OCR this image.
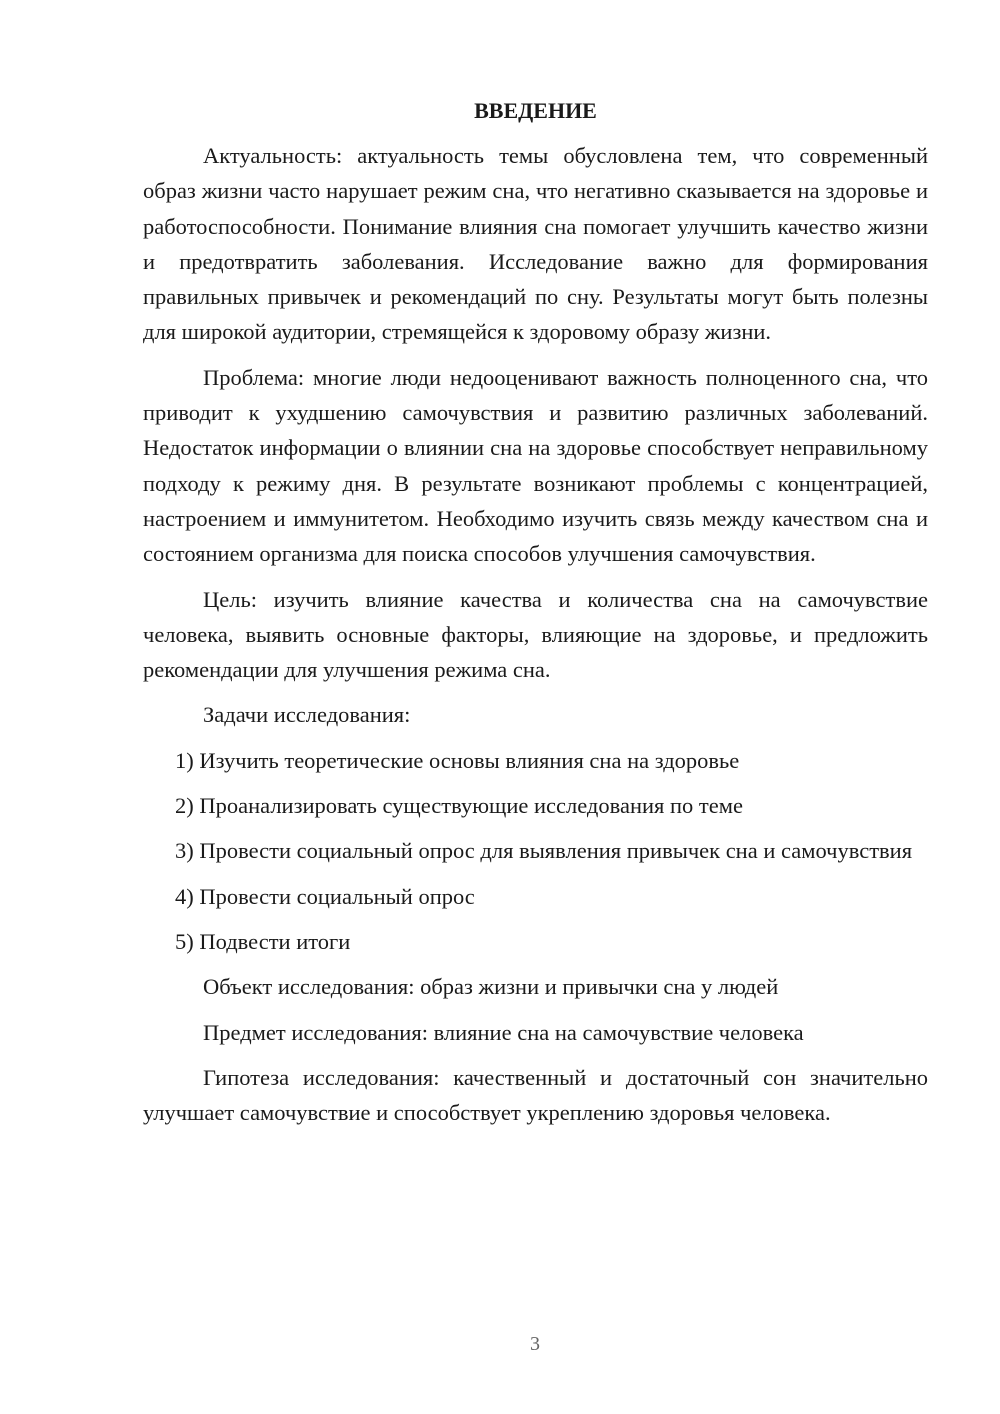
ВВЕДЕНИЕ

Актуальность: актуальность темы обусловлена тем, что современный образ жизни часто нарушает режим сна, что негативно сказывается на здоровье и работоспособности. Понимание влияния сна помогает улучшить качество жизни и предотвратить заболевания. Исследование важно для формирования правильных привычек и рекомендаций по сну. Результаты могут быть полезны для широкой аудитории, стремящейся к здоровому образу жизни.

Проблема: многие люди недооценивают важность полноценного сна, что приводит к ухудшению самочувствия и развитию различных заболеваний. Недостаток информации о влиянии сна на здоровье способствует неправильному подходу к режиму дня. В результате возникают проблемы с концентрацией, настроением и иммунитетом. Необходимо изучить связь между качеством сна и состоянием организма для поиска способов улучшения самочувствия.

Цель: изучить влияние качества и количества сна на самочувствие человека, выявить основные факторы, влияющие на здоровье, и предложить рекомендации для улучшения режима сна.

Задачи исследования:

1) Изучить теоретические основы влияния сна на здоровье

2) Проанализировать существующие исследования по теме

3) Провести социальный опрос для выявления привычек сна и самочувствия

4) Провести социальный опрос

5) Подвести итоги

Объект исследования: образ жизни и привычки сна у людей

Предмет исследования: влияние сна на самочувствие человека

Гипотеза исследования: качественный и достаточный сон значительно улучшает самочувствие и способствует укреплению здоровья человека.

3
